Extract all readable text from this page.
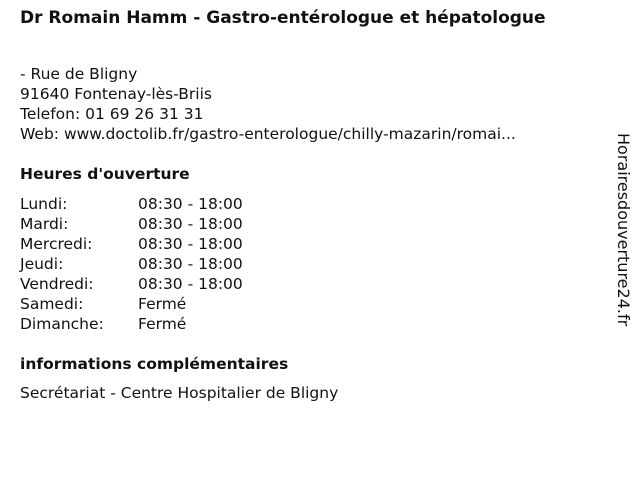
Dr Romain Hamm - Gastro-entérologue et hépatologue
- Rue de Bligny
91640 Fontenay-lès-Briis
Telefon: 01 69 26 31 31
Web: www.doctolib.fr/gastro-enterologue/chilly-mazarin/romai...
Heures d'ouverture
Lundi:	08:30 - 18:00
Mardi:	08:30 - 18:00
Mercredi:	08:30 - 18:00
Jeudi:	08:30 - 18:00
Vendredi:	08:30 - 18:00
Samedi:	Fermé
Dimanche: Fermé
informations complémentaires

Secrétariat - Centre Hospitalier de Bligny

Horairesdouverture24.fr
